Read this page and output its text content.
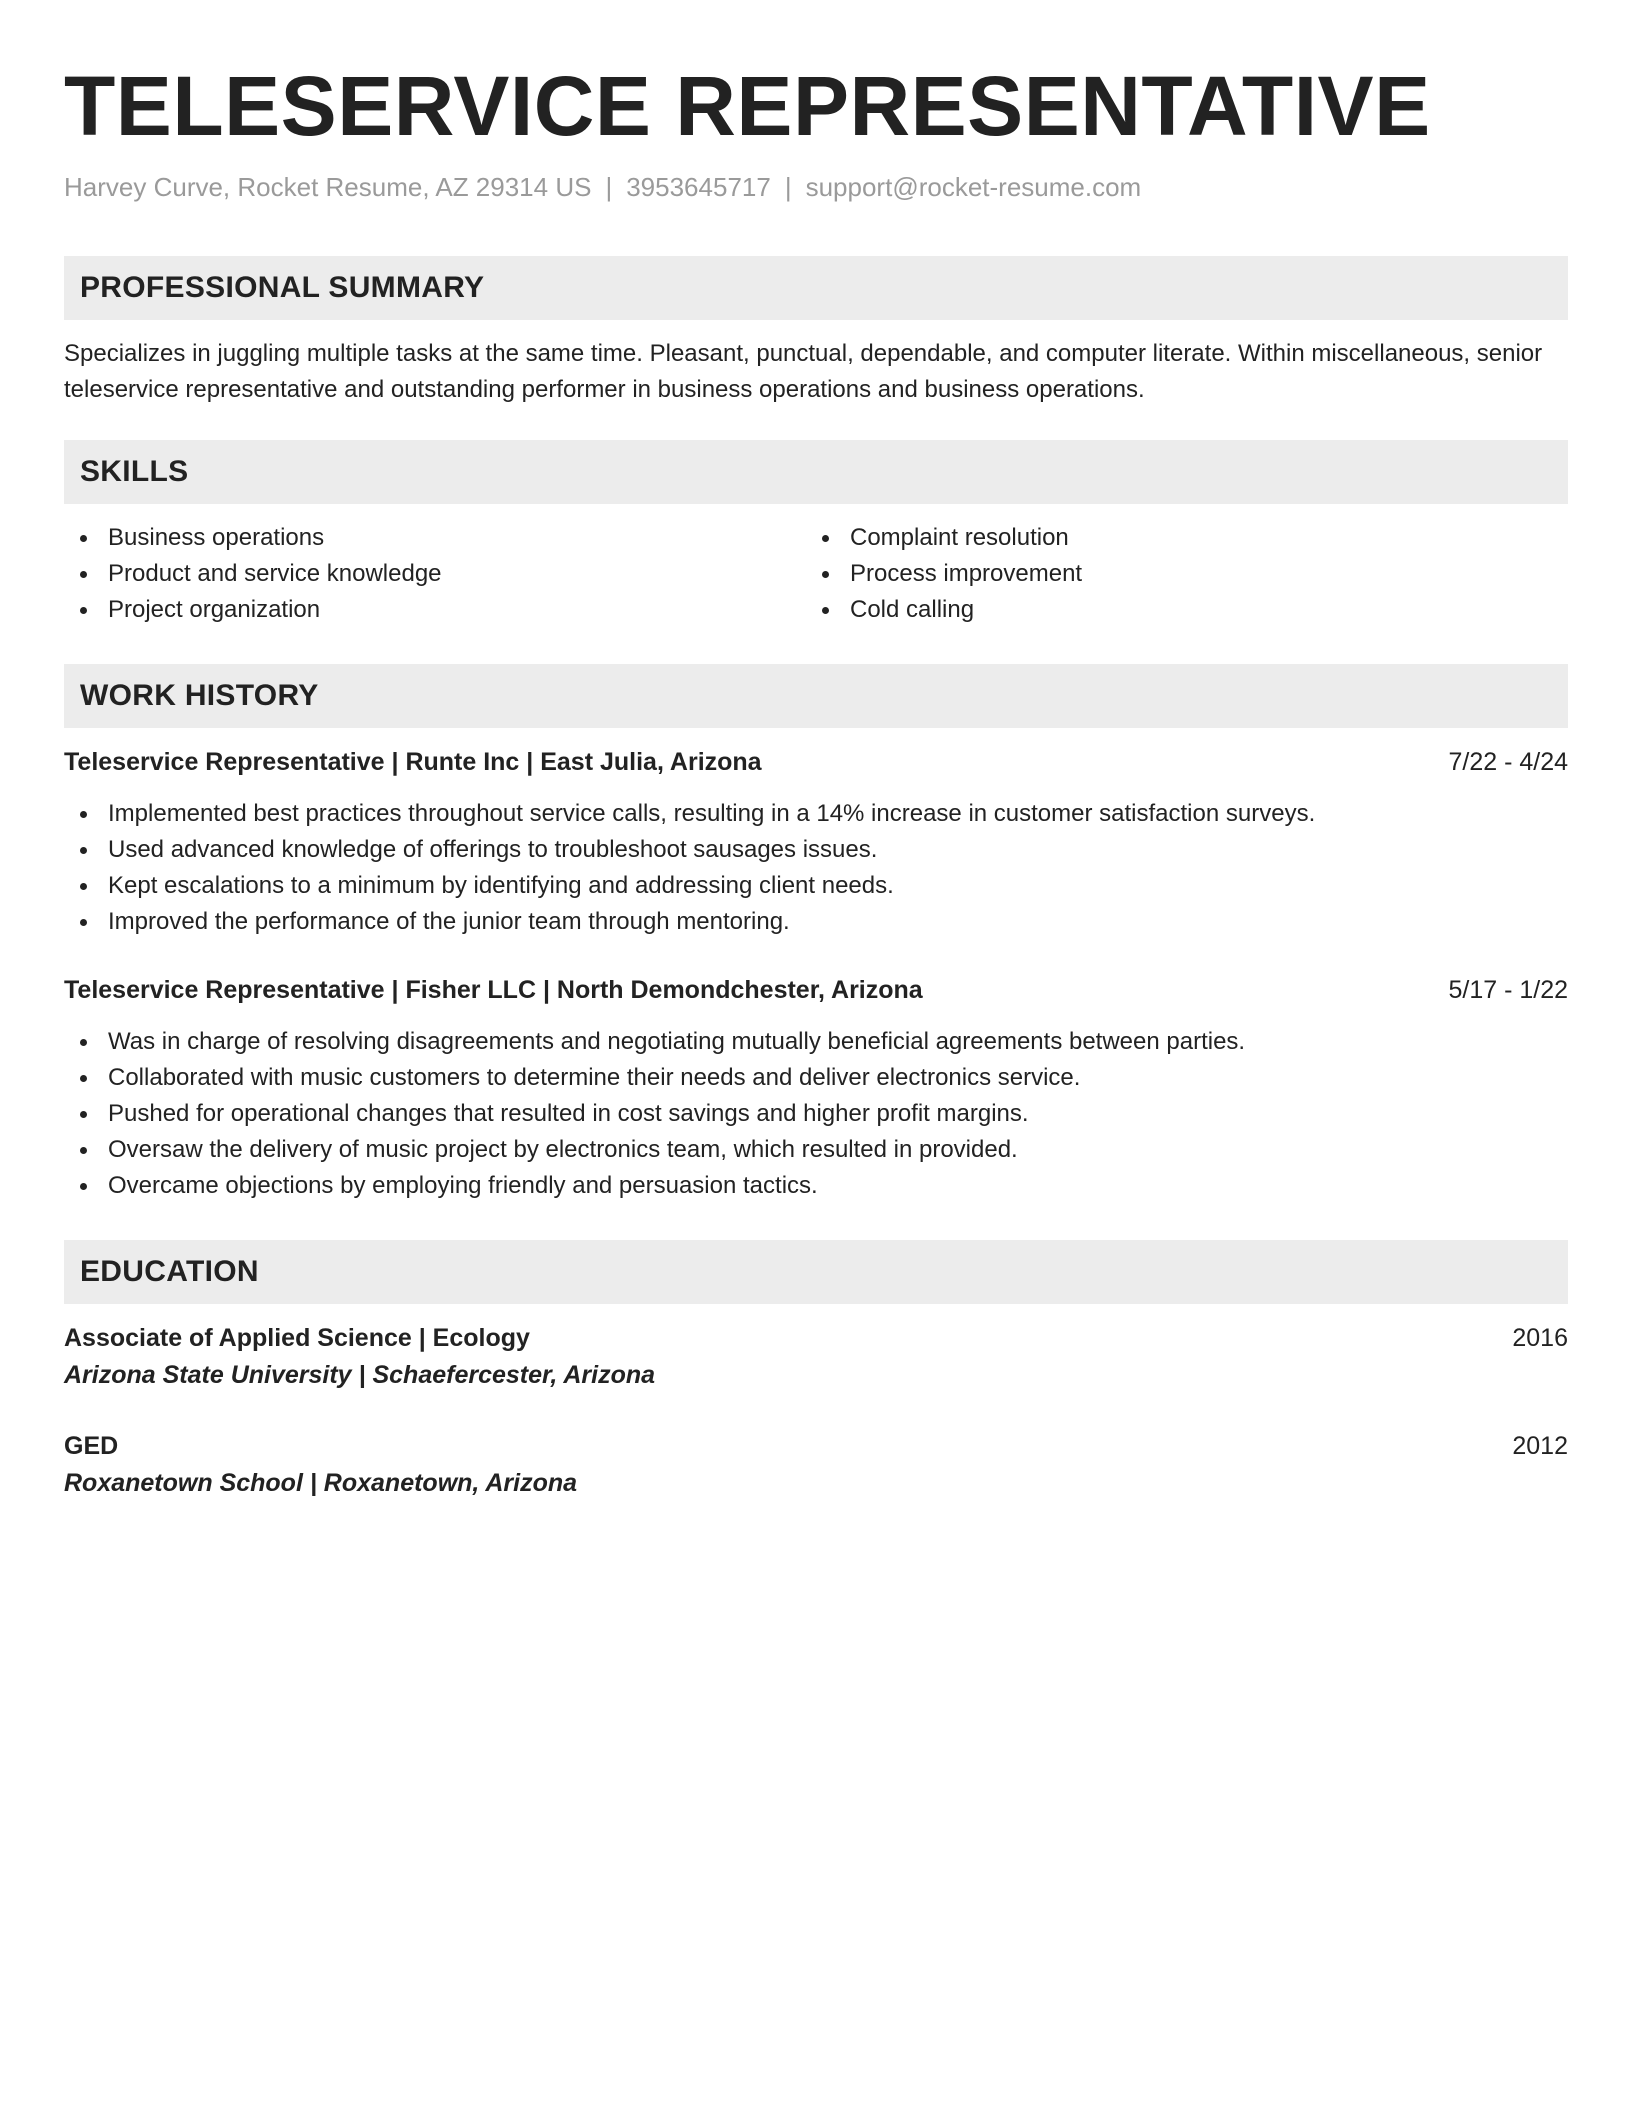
TELESERVICE REPRESENTATIVE
Harvey Curve, Rocket Resume, AZ 29314 US | 3953645717 | support@rocket-resume.com
PROFESSIONAL SUMMARY

Specializes in juggling multiple tasks at the same time. Pleasant, punctual, dependable, and computer literate. Within miscellaneous, senior teleservice representative and outstanding performer in business operations and business operations.

SKILLS
Business operations
Product and service knowledge
Project organization
Complaint resolution
Process improvement
Cold calling
WORK HISTORY
Teleservice Representative | Runte Inc | East Julia, Arizona	7/22 - 4/24
Implemented best practices throughout service calls, resulting in a 14% increase in customer satisfaction surveys.
Used advanced knowledge of offerings to troubleshoot sausages issues.
Kept escalations to a minimum by identifying and addressing client needs.
Improved the performance of the junior team through mentoring.
Teleservice Representative | Fisher LLC | North Demondchester, Arizona	5/17 - 1/22
Was in charge of resolving disagreements and negotiating mutually beneficial agreements between parties.
Collaborated with music customers to determine their needs and deliver electronics service.
Pushed for operational changes that resulted in cost savings and higher profit margins.
Oversaw the delivery of music project by electronics team, which resulted in provided.
Overcame objections by employing friendly and persuasion tactics.
EDUCATION
Associate of Applied Science | Ecology	2016
Arizona State University | Schaefercester, Arizona
GED	2012
Roxanetown School | Roxanetown, Arizona
